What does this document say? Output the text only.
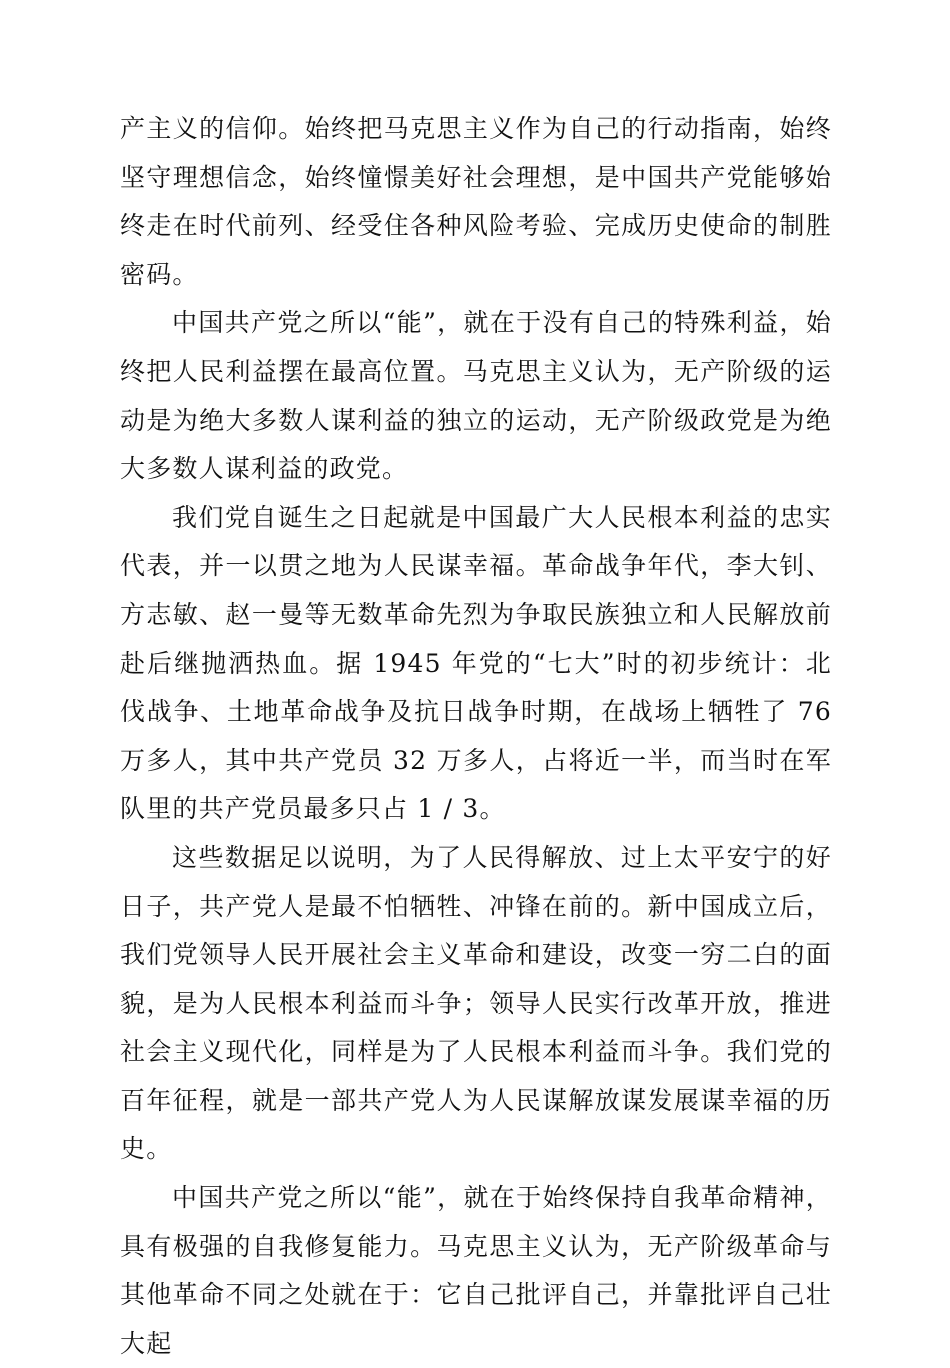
产主义的信仰。始终把马克思主义作为自己的行动指南，始终坚守理想信念，始终憧憬美好社会理想，是中国共产党能够始终走在时代前列、经受住各种风险考验、完成历史使命的制胜密码。

中国共产党之所以“能”，就在于没有自己的特殊利益，始终把人民利益摆在最高位置。马克思主义认为，无产阶级的运动是为绝大多数人谋利益的独立的运动，无产阶级政党是为绝大多数人谋利益的政党。

我们党自诞生之日起就是中国最广大人民根本利益的忠实代表，并一以贯之地为人民谋幸福。革命战争年代，李大钊、方志敏、赵一曼等无数革命先烈为争取民族独立和人民解放前赴后继抛洒热血。据 1945 年党的“七大”时的初步统计：北伐战争、土地革命战争及抗日战争时期，在战场上牺牲了 76 万多人，其中共产党员 32 万多人，占将近一半，而当时在军队里的共产党员最多只占 1 / 3。

这些数据足以说明，为了人民得解放、过上太平安宁的好日子，共产党人是最不怕牺牲、冲锋在前的。新中国成立后，我们党领导人民开展社会主义革命和建设，改变一穷二白的面貌，是为人民根本利益而斗争；领导人民实行改革开放，推进社会主义现代化，同样是为了人民根本利益而斗争。我们党的百年征程，就是一部共产党人为人民谋解放谋发展谋幸福的历史。

中国共产党之所以“能”，就在于始终保持自我革命精神，具有极强的自我修复能力。马克思主义认为，无产阶级革命与其他革命不同之处就在于：它自己批评自己，并靠批评自己壮大起
